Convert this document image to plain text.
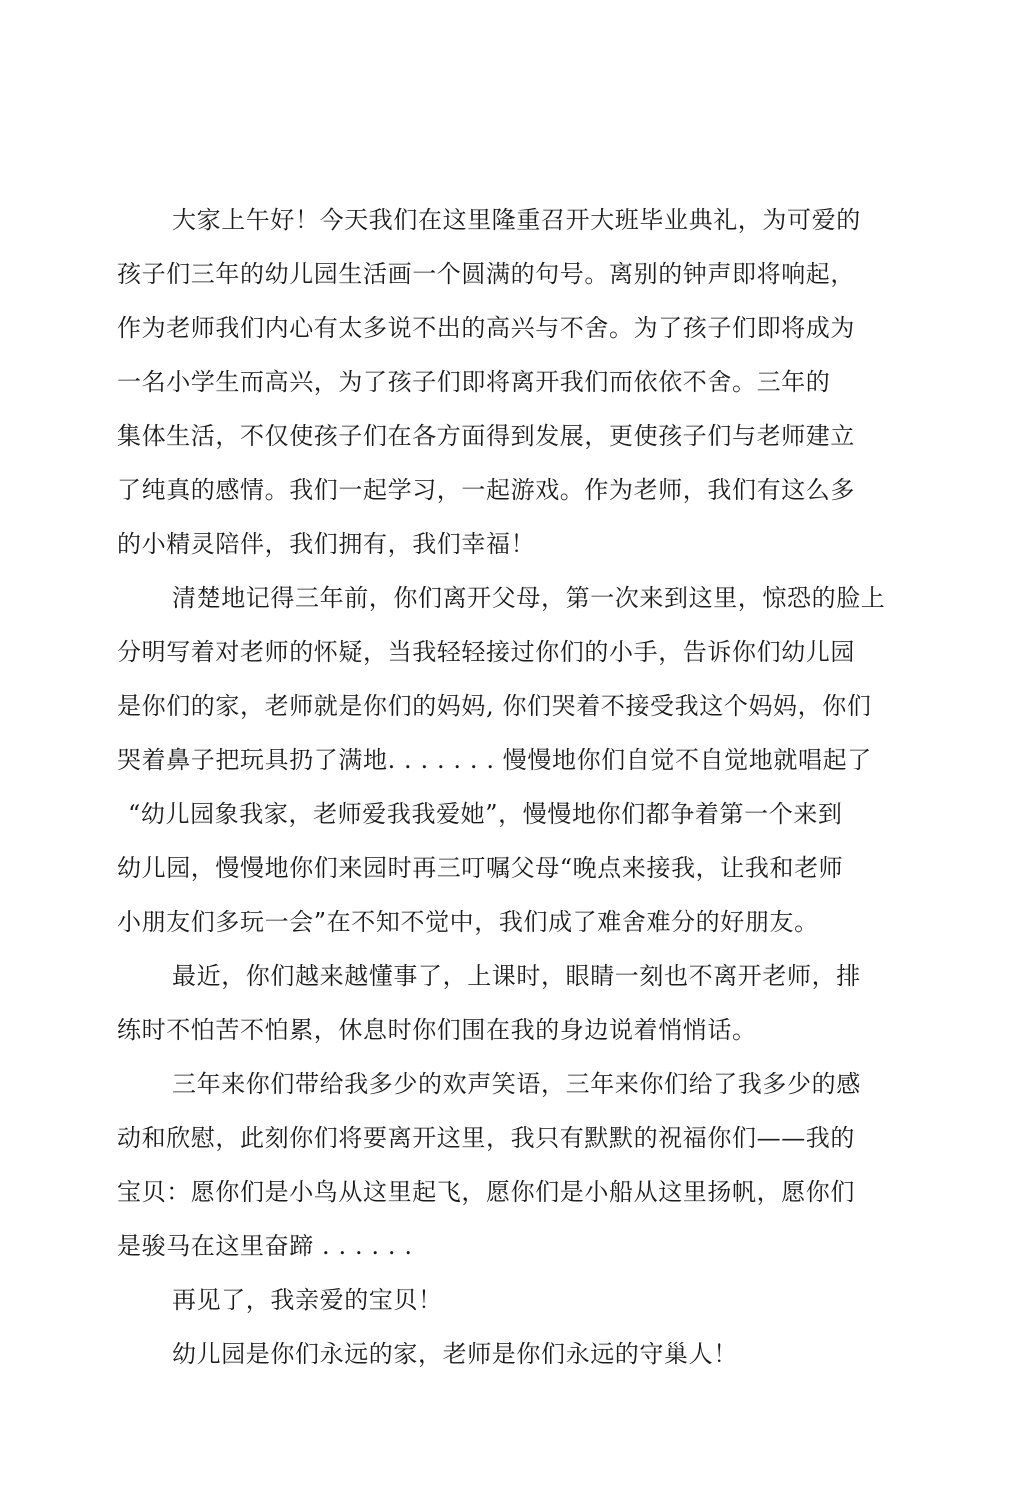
大家上午好！今天我们在这里隆重召开大班毕业典礼，为可爱的
孩子们三年的幼儿园生活画一个圆满的句号。离别的钟声即将响起，
作为老师我们内心有太多说不出的高兴与不舍。为了孩子们即将成为
一名小学生而高兴，为了孩子们即将离开我们而依依不舍。三年的
集体生活，不仅使孩子们在各方面得到发展，更使孩子们与老师建立
了纯真的感情。我们一起学习，一起游戏。作为老师，我们有这么多
的小精灵陪伴，我们拥有，我们幸福！
清楚地记得三年前，你们离开父母，第一次来到这里，惊恐的脸上
分明写着对老师的怀疑，当我轻轻接过你们的小手，告诉你们幼儿园
是你们的家，老师就是你们的妈妈, 你们哭着不接受我这个妈妈，你们
哭着鼻子把玩具扔了满地. . . . . . . 慢慢地你们自觉不自觉地就唱起了
“幼儿园象我家，老师爱我我爱她”，慢慢地你们都争着第一个来到
幼儿园，慢慢地你们来园时再三叮嘱父母“晚点来接我，让我和老师
小朋友们多玩一会”在不知不觉中，我们成了难舍难分的好朋友。
最近，你们越来越懂事了，上课时，眼睛一刻也不离开老师，排
练时不怕苦不怕累，休息时你们围在我的身边说着悄悄话。
三年来你们带给我多少的欢声笑语，三年来你们给了我多少的感
动和欣慰，此刻你们将要离开这里，我只有默默的祝福你们——我的
宝贝：愿你们是小鸟从这里起飞，愿你们是小船从这里扬帆，愿你们
是骏马在这里奋蹄 . . . . . .
再见了，我亲爱的宝贝！
幼儿园是你们永远的家，老师是你们永远的守巢人！
